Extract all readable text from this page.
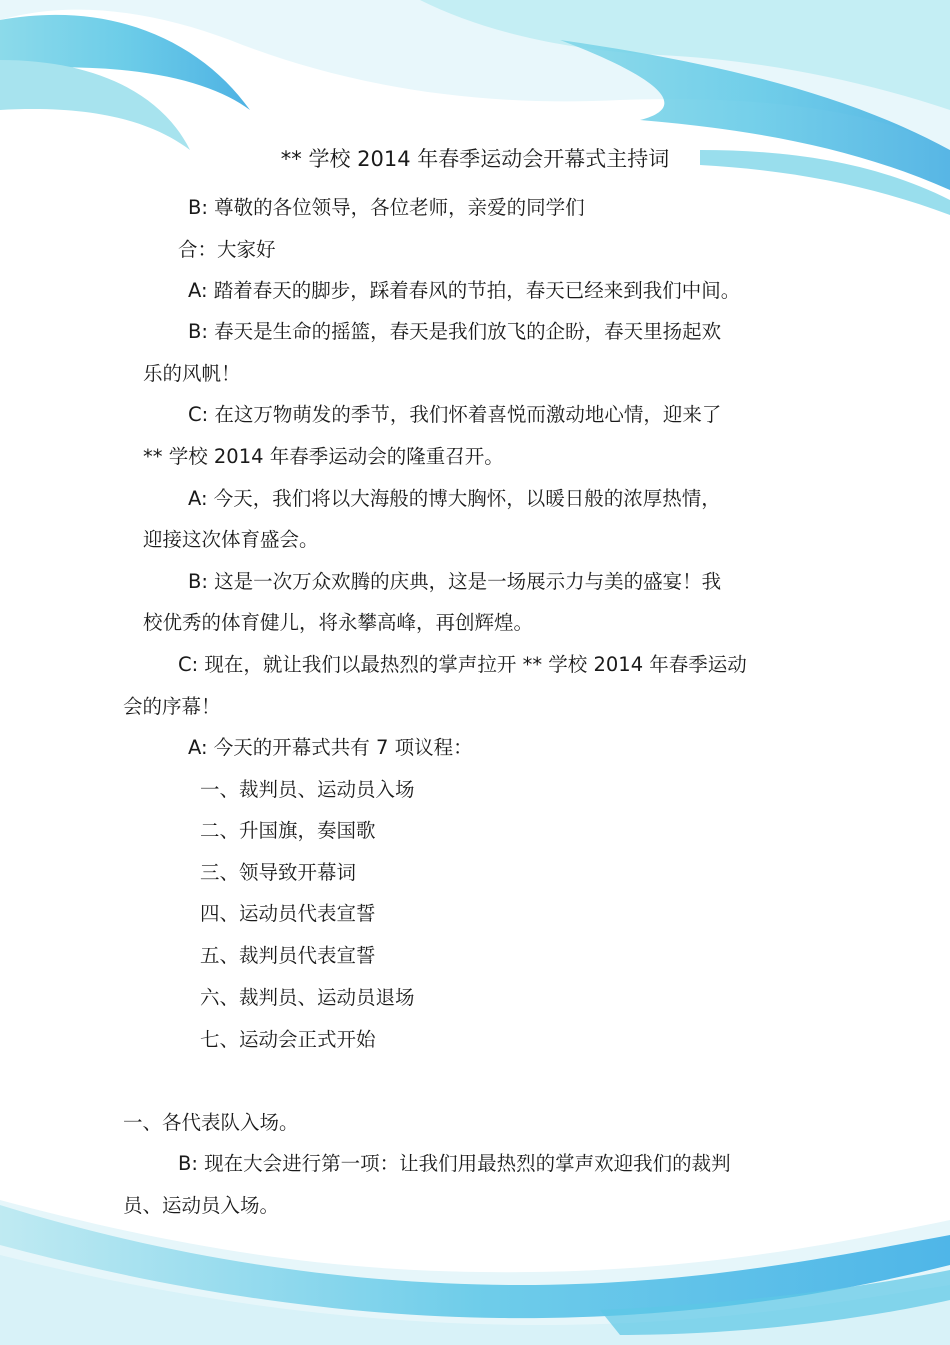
** 学校 2014 年春季运动会开幕式主持词
B: 尊敬的各位领导，各位老师，亲爱的同学们
合：大家好
A: 踏着春天的脚步，踩着春风的节拍，春天已经来到我们中间。
B: 春天是生命的摇篮，春天是我们放飞的企盼，春天里扬起欢
乐的风帆！
C: 在这万物萌发的季节，我们怀着喜悦而激动地心情，迎来了
** 学校 2014 年春季运动会的隆重召开。
A: 今天，我们将以大海般的博大胸怀，以暖日般的浓厚热情，
迎接这次体育盛会。
B: 这是一次万众欢腾的庆典，这是一场展示力与美的盛宴！我
校优秀的体育健儿，将永攀高峰，再创辉煌。
C: 现在，就让我们以最热烈的掌声拉开 ** 学校 2014 年春季运动
会的序幕！
A: 今天的开幕式共有 7 项议程：
一、裁判员、运动员入场
二、升国旗，奏国歌
三、领导致开幕词
四、运动员代表宣誓
五、裁判员代表宣誓
六、裁判员、运动员退场
七、运动会正式开始
一、各代表队入场。
B: 现在大会进行第一项：让我们用最热烈的掌声欢迎我们的裁判
员、运动员入场。
